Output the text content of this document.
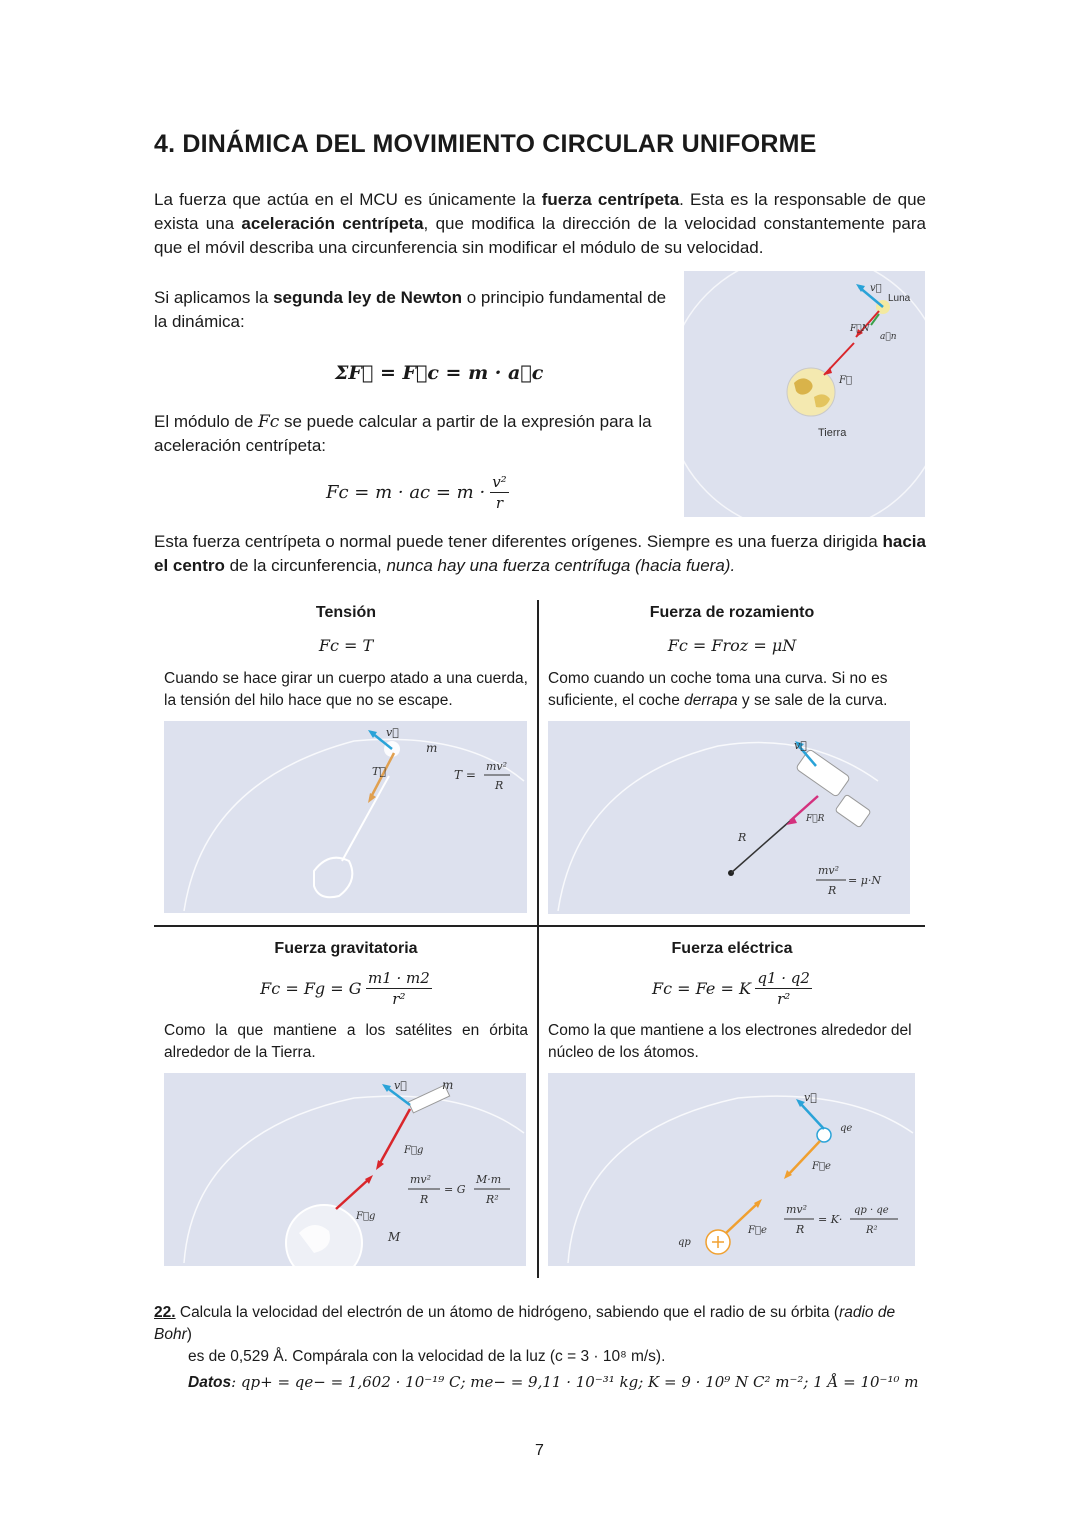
4. DINÁMICA DEL MOVIMIENTO CIRCULAR UNIFORME
La fuerza que actúa en el MCU es únicamente la fuerza centrípeta. Esta es la responsable de que exista una aceleración centrípeta, que modifica la dirección de la velocidad constantemente para que el móvil describa una circunferencia sin modificar el módulo de su velocidad.
Si aplicamos la segunda ley de Newton o principio fundamental de la dinámica:
ΣF⃗ = F⃗c = m · a⃗c
El módulo de Fc se puede calcular a partir de la expresión para la aceleración centrípeta:
Fc = m · ac = $m \cdot \frac{\text{v²}}{r}$
v⃗
Luna
F⃗N
a⃗n
F⃗
Tierra
Esta fuerza centrípeta o normal puede tener diferentes orígenes. Siempre es una fuerza dirigida hacia el centro de la circunferencia, nunca hay una fuerza centrífuga (hacia fuera).
Tensión
Fc = T
Cuando se hace girar un cuerpo atado a una cuerda, la tensión del hilo hace que no se escape.
v⃗
m
T⃗	T =
mv²
R
Fuerza de rozamiento
Fc = Froz = μN
Como cuando un coche toma una curva. Si no es suficiente, el coche derrapa y se sale de la curva.
v⃗
F⃗R
R
mv²
R
= μ·N
Fuerza gravitatoria
Fc = Fg = G $\frac{m1 \cdot m2}{\text{r²}}$
Como la que mantiene a los satélites en órbita alrededor de la Tierra.
v⃗	m
F⃗g
F⃗g
M
mv²
R
= G
M·m
R²
Fuerza eléctrica
Fc = Fe = K $\frac{q1 \cdot q2}{\text{r²}}$
Como la que mantiene a los electrones alrededor del núcleo de los átomos.
v⃗
qe
F⃗e
F⃗e
qp
mv²
R
= K·
qp · qe
R²
22. Calcula la velocidad del electrón de un átomo de hidrógeno, sabiendo que el radio de su órbita (radio de Bohr)
es de 0,529 Å. Compárala con la velocidad de la luz (c = 3 · 10⁸ m/s).
Datos: qp+ = qe− = 1,602 · 10⁻¹⁹ C; me− = 9,11 · 10⁻³¹ kg; K = 9 · 10⁹ N C² m⁻²; 1 Å = 10⁻¹⁰ m
7
